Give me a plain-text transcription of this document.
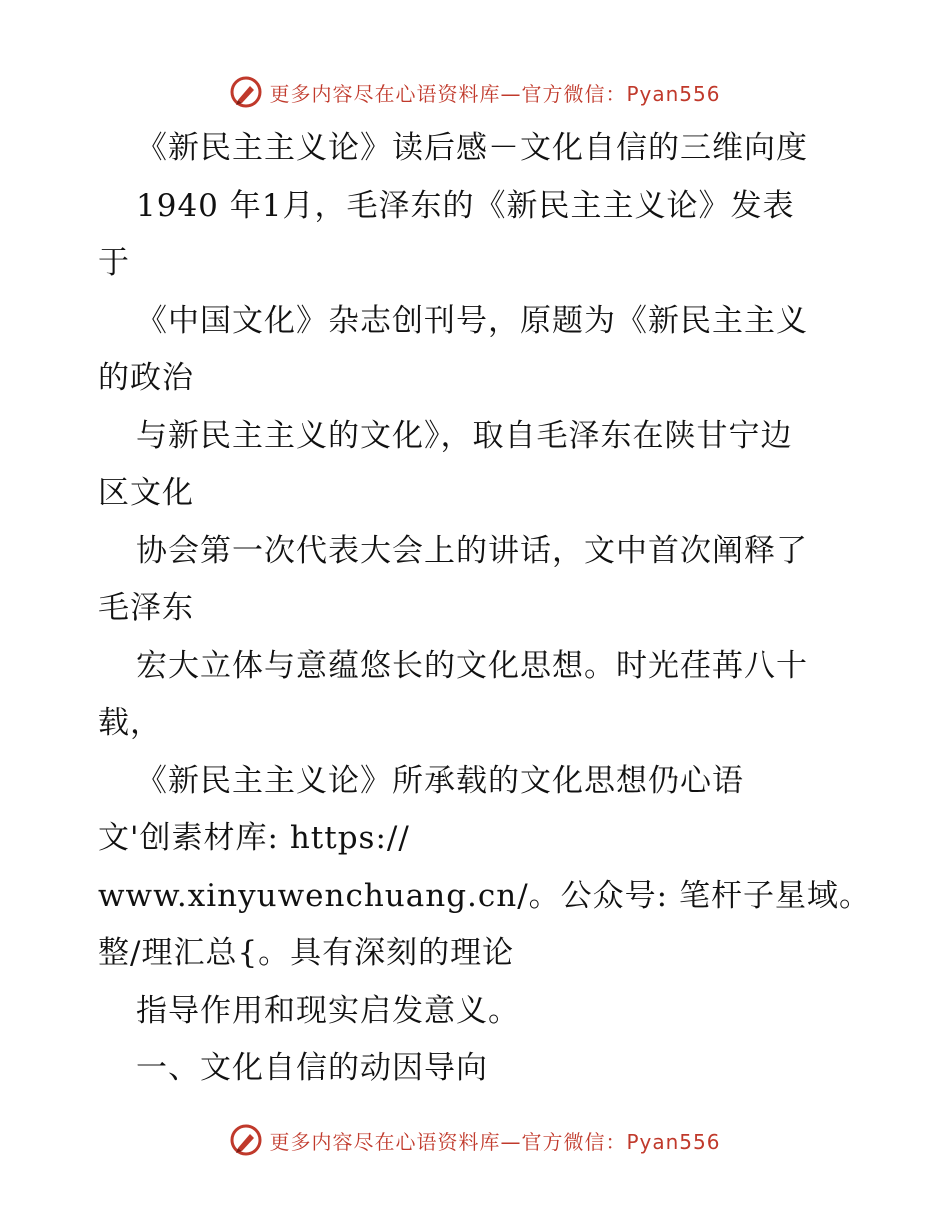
更多内容尽在心语资料库—官方微信：Pyan556
《新民主主义论》读后感－文化自信的三维向度
1940 年1月，毛泽东的《新民主主义论》发表
于
《中国文化》杂志创刊号，原题为《新民主主义
的政治
与新民主主义的文化》，取自毛泽东在陕甘宁边
区文化
协会第一次代表大会上的讲话，文中首次阐释了
毛泽东
宏大立体与意蕴悠长的文化思想。时光荏苒八十
载，
《新民主主义论》所承载的文化思想仍心语
文'创素材库: https://
www.xinyuwenchuang.cn/。公众号: 笔杆子星域。
整/理汇总{。具有深刻的理论
指导作用和现实启发意义。
一、文化自信的动因导向
更多内容尽在心语资料库—官方微信：Pyan556
